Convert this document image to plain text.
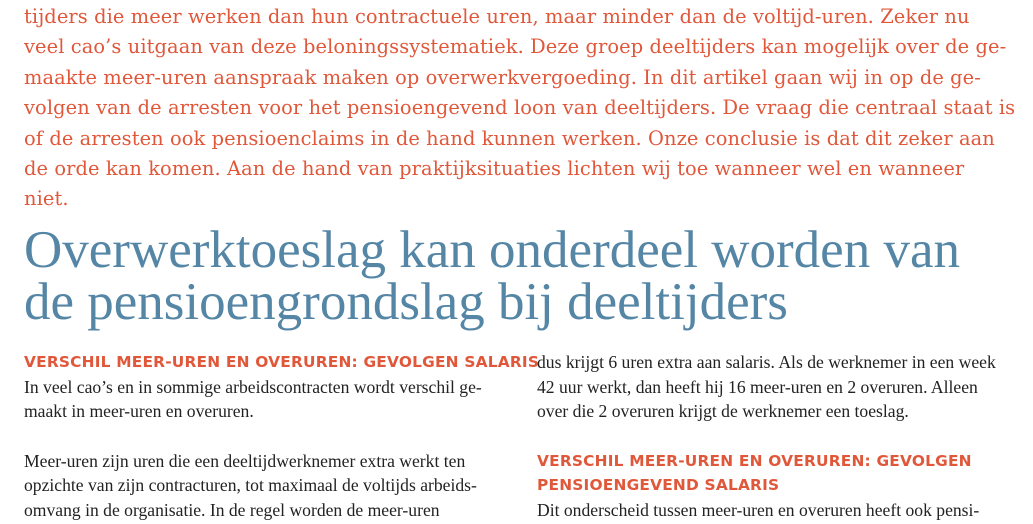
tijders die meer werken dan hun contractuele uren, maar minder dan de voltijd-uren. Zeker nu
veel cao’s uitgaan van deze beloningssystematiek. Deze groep deeltijders kan mogelijk over de ge-
maakte meer-uren aanspraak maken op overwerkvergoeding. In dit artikel gaan wij in op de ge-
volgen van de arresten voor het pensioengevend loon van deeltijders. De vraag die centraal staat is
of de arresten ook pensioenclaims in de hand kunnen werken. Onze conclusie is dat dit zeker aan
de orde kan komen. Aan de hand van praktijksituaties lichten wij toe wanneer wel en wanneer
niet.
Overwerktoeslag kan onderdeel worden van
de pensioengrondslag bij deeltijders
VERSCHIL MEER-UREN EN OVERUREN: GEVOLGEN SALARIS
In veel cao’s en in sommige arbeidscontracten wordt verschil ge-
maakt in meer-uren en overuren.
Meer-uren zijn uren die een deeltijdwerknemer extra werkt ten
opzichte van zijn contracturen, tot maximaal de voltijds arbeids-
omvang in de organisatie. In de regel worden de meer-uren
dus krijgt 6 uren extra aan salaris. Als de werknemer in een week
42 uur werkt, dan heeft hij 16 meer-uren en 2 overuren. Alleen
over die 2 overuren krijgt de werknemer een toeslag.
VERSCHIL MEER-UREN EN OVERUREN: GEVOLGEN
PENSIOENGEVEND SALARIS
Dit onderscheid tussen meer-uren en overuren heeft ook pensi-
